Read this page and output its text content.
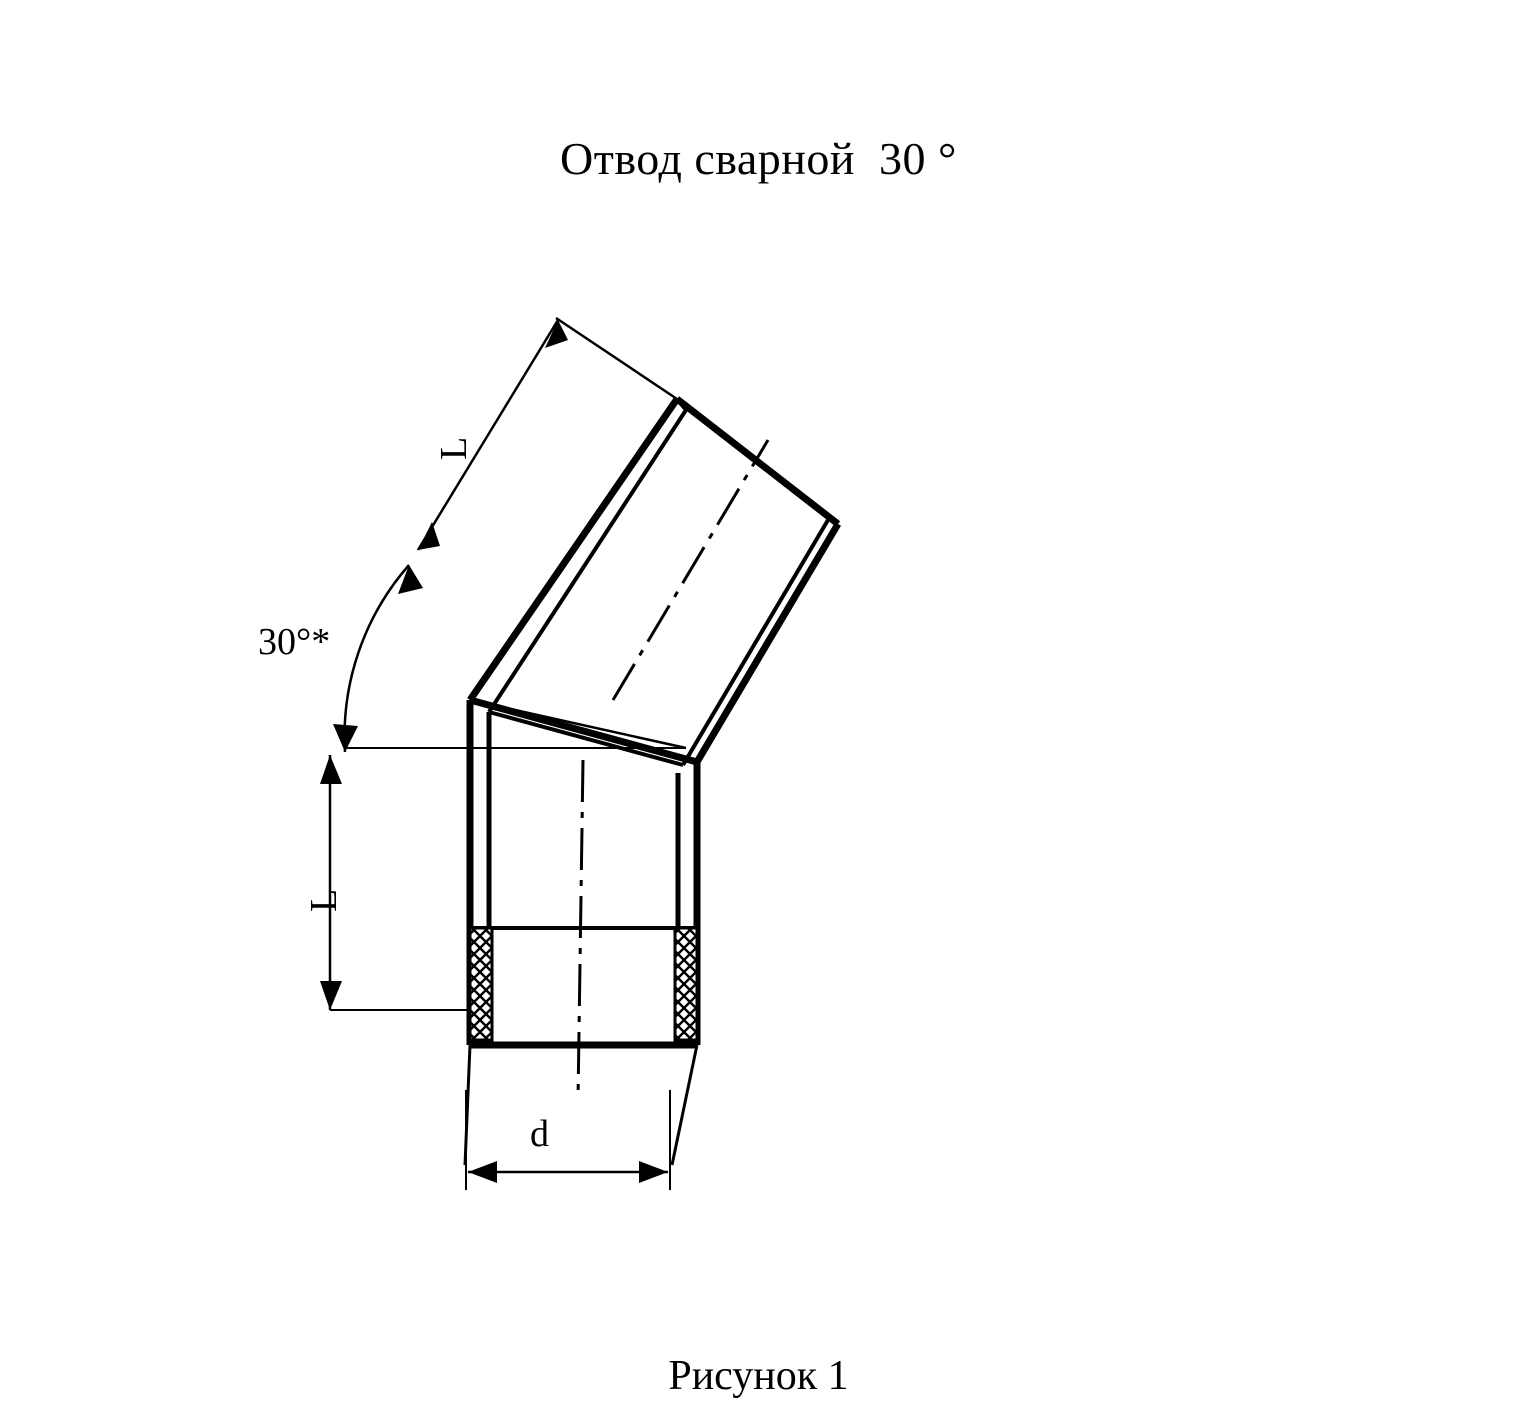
Отвод сварной  30 °
30°*
L
L
d
Рисунок 1
